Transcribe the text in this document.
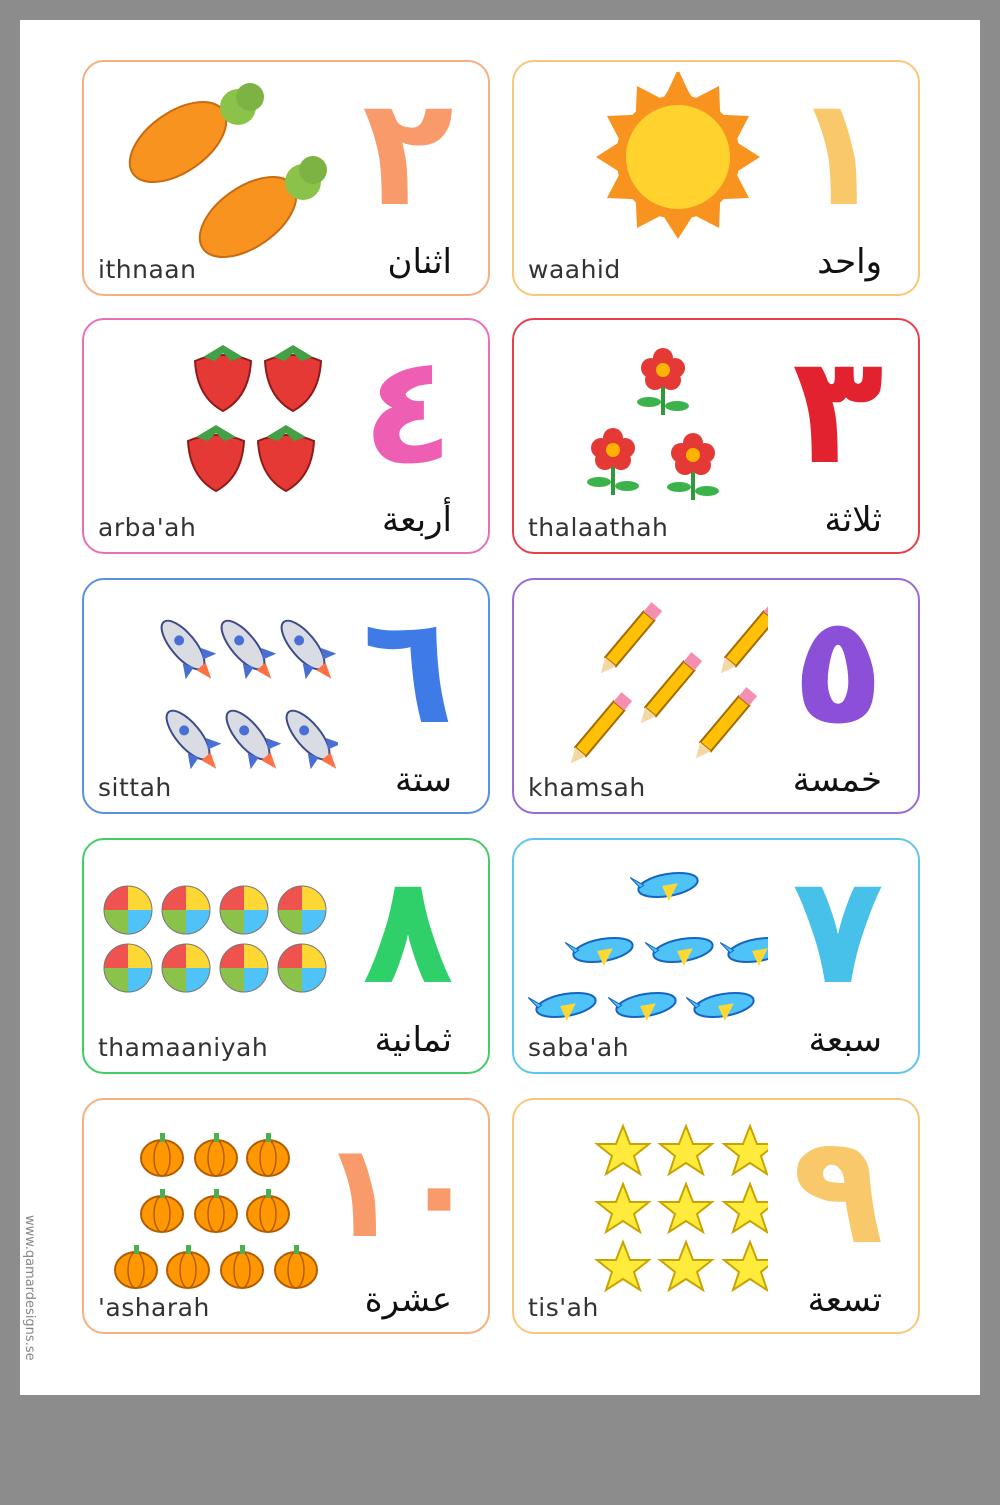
١
واحد
waahid
٢
اثنان
ithnaan
٣
ثلاثة
thalaathah
٤
أربعة
arba'ah
٥
خمسة
khamsah
٦
ستة
sittah
٧
سبعة
saba'ah
٨
ثمانية
thamaaniyah
٩
تسعة
tis'ah
١٠
عشرة
'asharah
www.qamardesigns.se
